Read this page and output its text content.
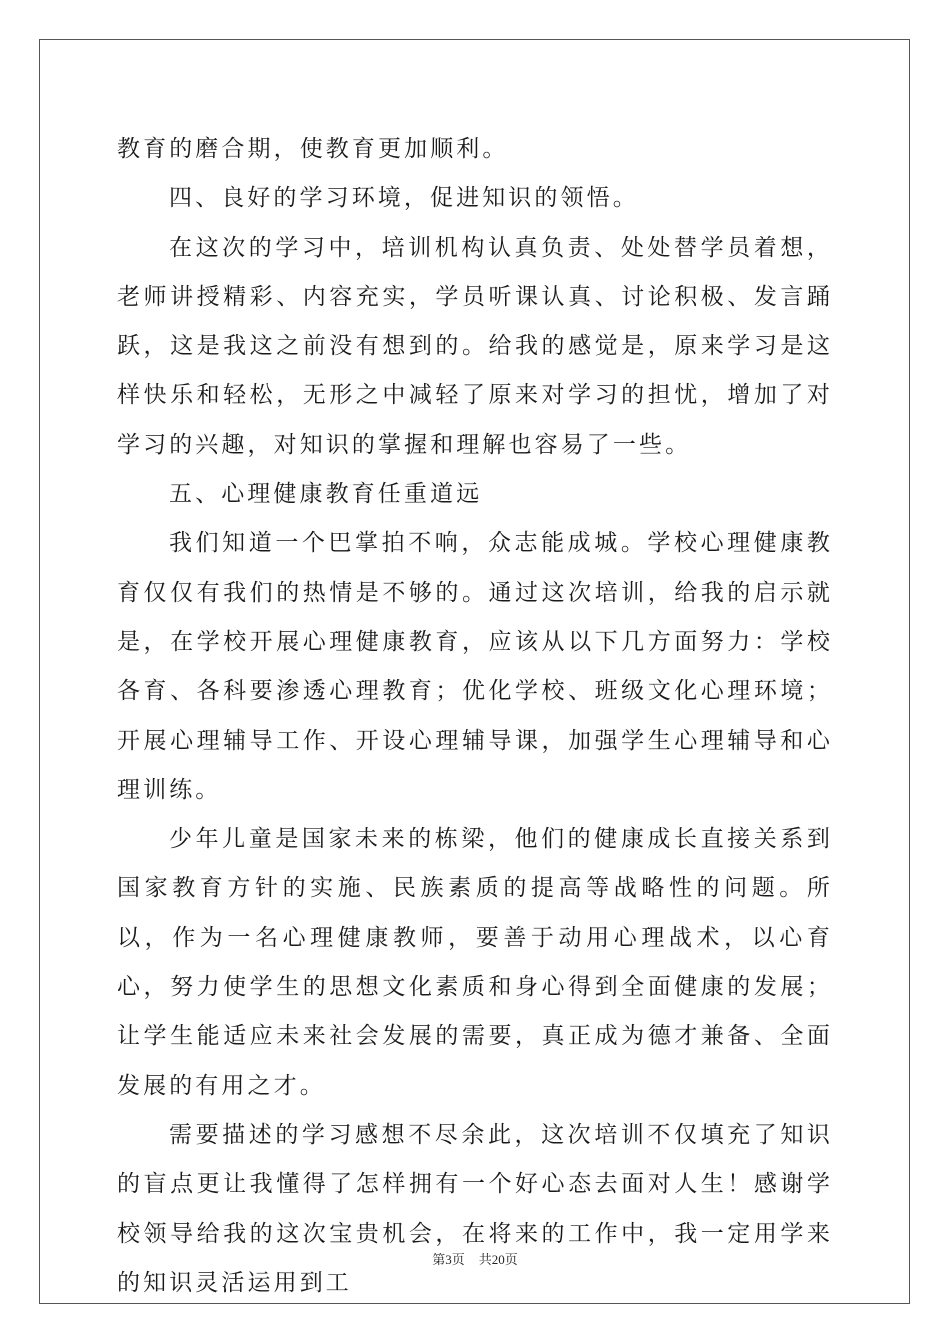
教育的磨合期，使教育更加顺利。

四、良好的学习环境，促进知识的领悟。

在这次的学习中，培训机构认真负责、处处替学员着想，老师讲授精彩、内容充实，学员听课认真、讨论积极、发言踊跃，这是我这之前没有想到的。给我的感觉是，原来学习是这样快乐和轻松，无形之中减轻了原来对学习的担忧，增加了对学习的兴趣，对知识的掌握和理解也容易了一些。

五、心理健康教育任重道远

我们知道一个巴掌拍不响，众志能成城。学校心理健康教育仅仅有我们的热情是不够的。通过这次培训，给我的启示就是，在学校开展心理健康教育，应该从以下几方面努力：学校各育、各科要渗透心理教育；优化学校、班级文化心理环境；开展心理辅导工作、开设心理辅导课，加强学生心理辅导和心理训练。

少年儿童是国家未来的栋梁，他们的健康成长直接关系到国家教育方针的实施、民族素质的提高等战略性的问题。所以，作为一名心理健康教师，要善于动用心理战术，以心育心，努力使学生的思想文化素质和身心得到全面健康的发展；让学生能适应未来社会发展的需要，真正成为德才兼备、全面发展的有用之才。

需要描述的学习感想不尽余此，这次培训不仅填充了知识的盲点更让我懂得了怎样拥有一个好心态去面对人生！感谢学校领导给我的这次宝贵机会，在将来的工作中，我一定用学来的知识灵活运用到工

第3页 共20页
